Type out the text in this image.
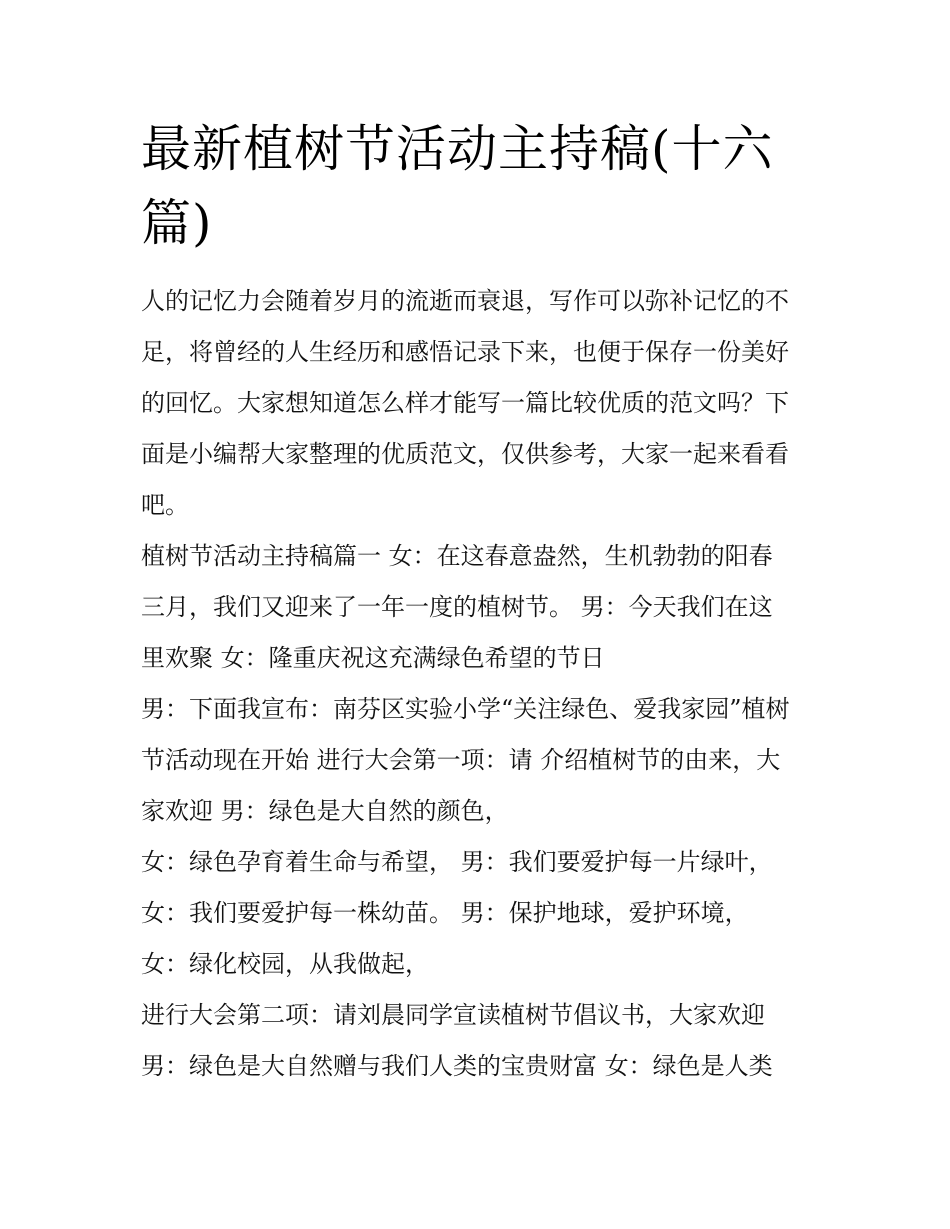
最新植树节活动主持稿(十六
篇)
人的记忆力会随着岁月的流逝而衰退，写作可以弥补记忆的不
足，将曾经的人生经历和感悟记录下来，也便于保存一份美好
的回忆。大家想知道怎么样才能写一篇比较优质的范文吗？下
面是小编帮大家整理的优质范文，仅供参考，大家一起来看看
吧。
植树节活动主持稿篇一 女：在这春意盎然，生机勃勃的阳春
三月，我们又迎来了一年一度的植树节。 男：今天我们在这
里欢聚 女：隆重庆祝这充满绿色希望的节日
男：下面我宣布：南芬区实验小学“关注绿色、爱我家园”植树
节活动现在开始 进行大会第一项：请 介绍植树节的由来，大
家欢迎 男：绿色是大自然的颜色，
女：绿色孕育着生命与希望， 男：我们要爱护每一片绿叶，
女：我们要爱护每一株幼苗。 男：保护地球，爱护环境，
女：绿化校园，从我做起，
进行大会第二项：请刘晨同学宣读植树节倡议书，大家欢迎
男：绿色是大自然赠与我们人类的宝贵财富 女：绿色是人类
